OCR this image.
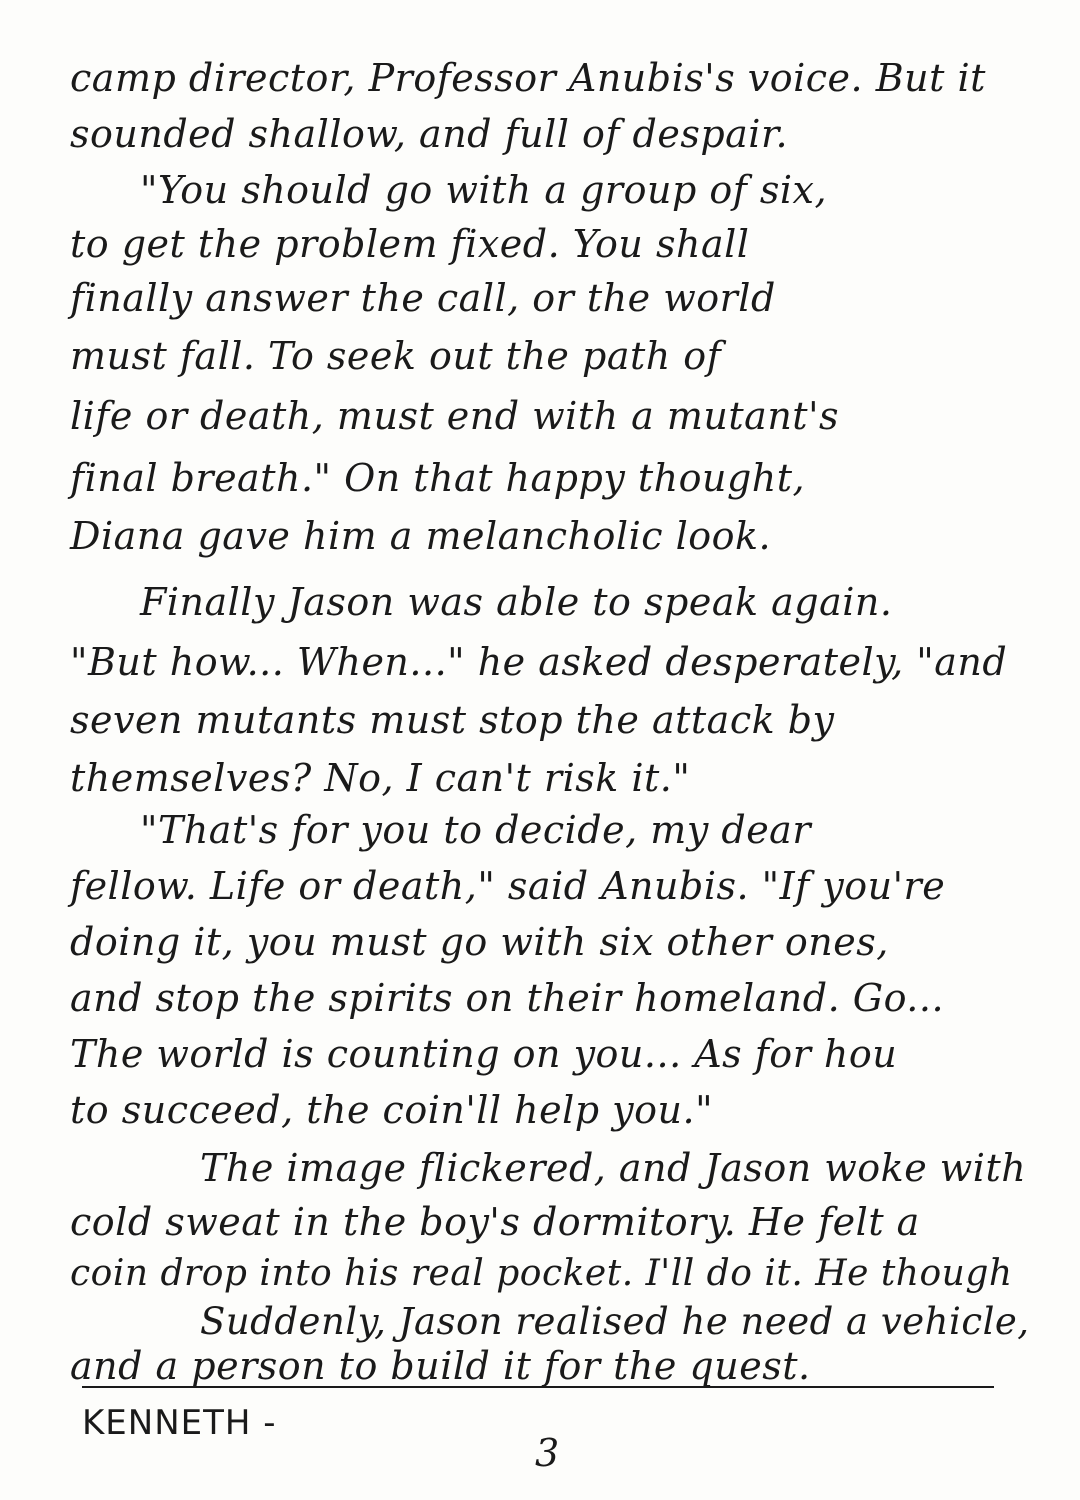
camp director, Professor Anubis's voice. But it
sounded shallow, and full of despair.
"You should go with a group of six,
to get the problem fixed. You shall
finally answer the call, or the world
must fall. To seek out the path of
life or death, must end with a mutant's
final breath." On that happy thought,
Diana gave him a melancholic look.
Finally Jason was able to speak again.
"But how... When..." he asked desperately, "and
seven mutants must stop the attack by
themselves? No, I can't risk it."
"That's for you to decide, my dear
fellow. Life or death," said Anubis. "If you're
doing it, you must go with six other ones,
and stop the spirits on their homeland. Go...
The world is counting on you... As for hou
to succeed, the coin'll help you."
The image flickered, and Jason woke with
cold sweat in the boy's dormitory. He felt a
coin drop into his real pocket. I'll do it. He though
Suddenly, Jason realised he need a vehicle,
and a person to build it for the quest.
KENNETH -
3
